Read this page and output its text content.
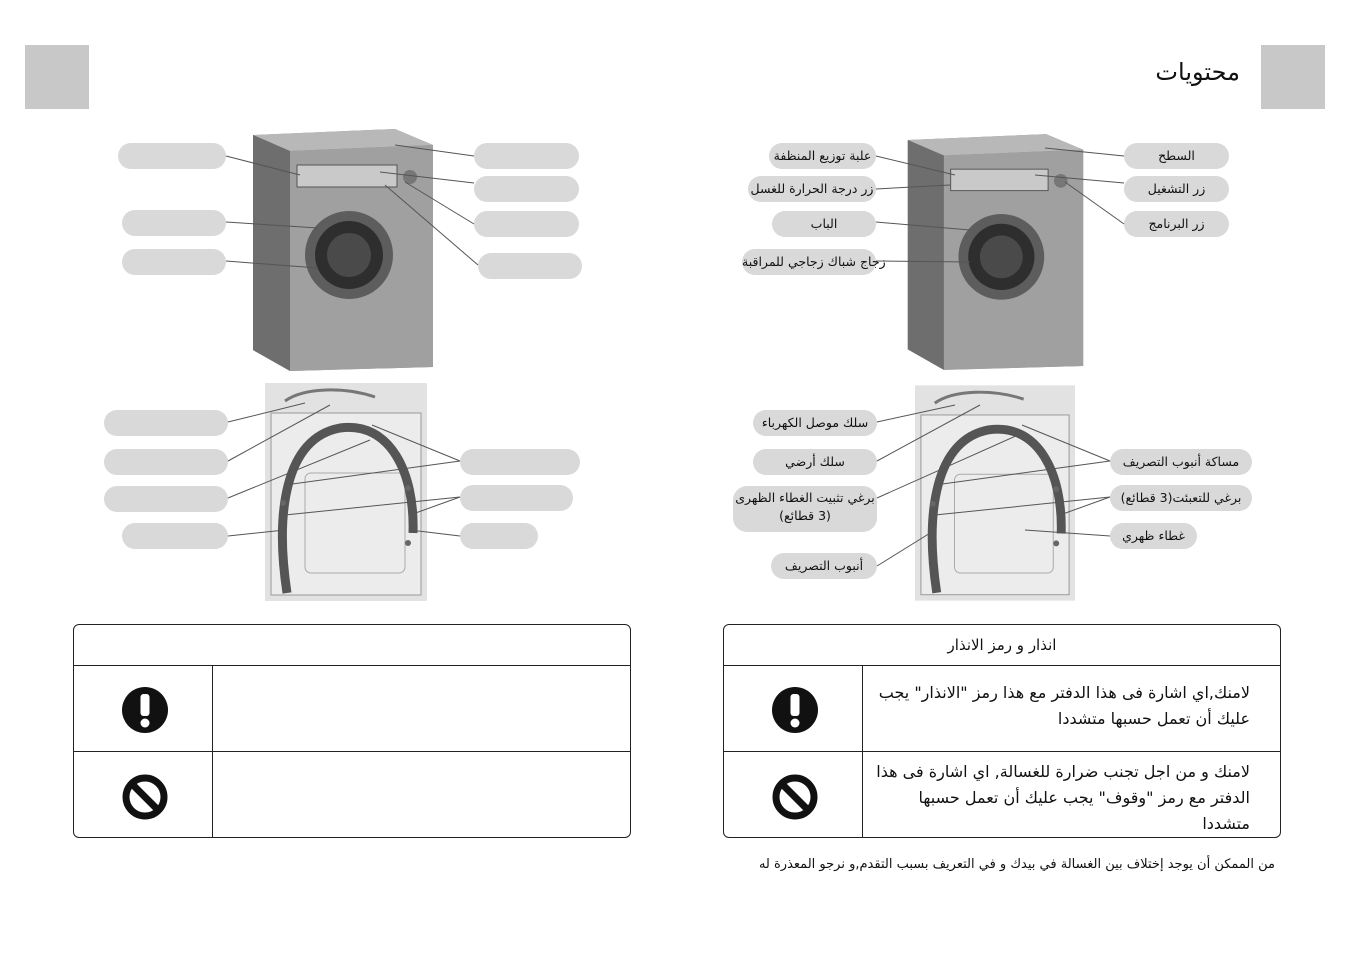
محتويات
علبة توزيع المنظفة
زر درجة الحرارة للغسل
الباب
زجاج شباك زجاجي للمراقبة
السطح
زر التشغيل
زر البرنامج
سلك موصل الكهرباء
سلك أرضي
برغي تثبيت الغطاء الظهرى (3 قطائع)
أنبوب التصريف
مساكة أنبوب التصريف
برغي للتعبئت(3 قطائع)
غطاء ظهري
انذار و رمز الانذار
لامنك,اي اشارة فى هذا الدفتر مع هذا رمز "الانذار" يجب عليك أن تعمل حسبها متشددا
لامنك و من اجل تجنب ضرارة للغسالة, اي اشارة فى هذا الدفتر مع رمز "وقوف" يجب عليك أن تعمل حسبها متشددا
من الممكن أن يوجد إختلاف بين الغسالة في بيدك و في التعريف بسبب التقدم,و نرجو المعذرة له
